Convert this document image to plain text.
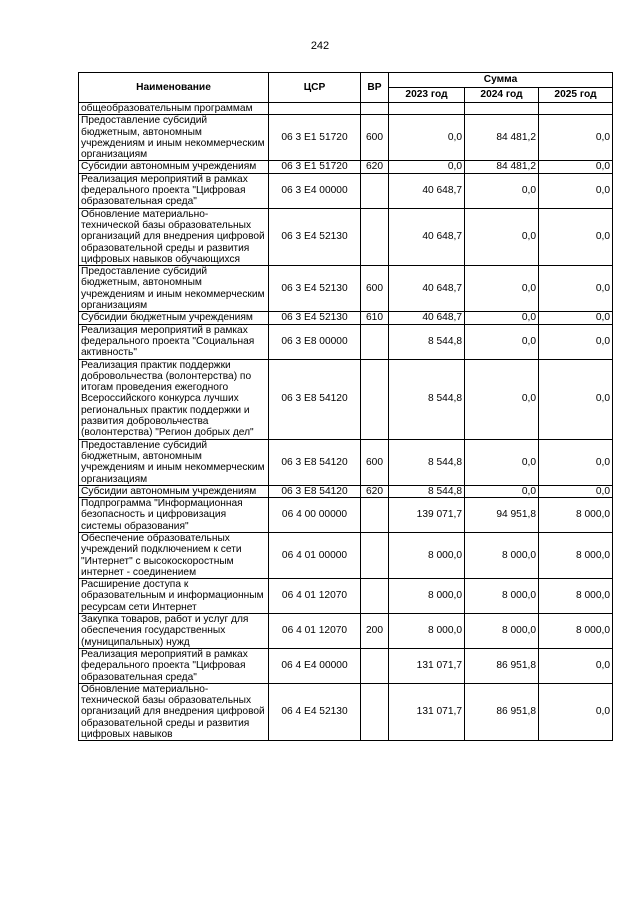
242
Наименование	ЦСР	ВР	Сумма		
			2023 год	2024 год	2025 год
общеобразовательным программам					
Предоставление субсидий бюджетным, автономным учреждениям и иным некоммерческим организациям	06 3 Е1 51720	600	0,0	84 481,2	0,0
Субсидии автономным учреждениям	06 3 Е1 51720	620	0,0	84 481,2	0,0
Реализация мероприятий в рамках федерального проекта "Цифровая образовательная среда"	06 3 Е4 00000		40 648,7	0,0	0,0
Обновление материально-технической базы образовательных организаций для внедрения цифровой образовательной среды и развития цифровых навыков обучающихся	06 3 Е4 52130		40 648,7	0,0	0,0
Предоставление субсидий бюджетным, автономным учреждениям и иным некоммерческим организациям	06 3 Е4 52130	600	40 648,7	0,0	0,0
Субсидии бюджетным учреждениям	06 3 Е4 52130	610	40 648,7	0,0	0,0
Реализация мероприятий в рамках федерального проекта "Социальная активность"	06 3 Е8 00000		8 544,8	0,0	0,0
Реализация практик поддержки добровольчества (волонтерства) по итогам проведения ежегодного Всероссийского конкурса лучших региональных практик поддержки и развития добровольчества (волонтерства) "Регион добрых дел"	06 3 Е8 54120		8 544,8	0,0	0,0
Предоставление субсидий бюджетным, автономным учреждениям и иным некоммерческим организациям	06 3 Е8 54120	600	8 544,8	0,0	0,0
Субсидии автономным учреждениям	06 3 Е8 54120	620	8 544,8	0,0	0,0
Подпрограмма "Информационная безопасность и цифровизация системы образования"	06 4 00 00000		139 071,7	94 951,8	8 000,0
Обеспечение образовательных учреждений подключением к сети "Интернет" с высокоскоростным интернет - соединением	06 4 01 00000		8 000,0	8 000,0	8 000,0
Расширение доступа к образовательным и информационным ресурсам сети Интернет	06 4 01 12070		8 000,0	8 000,0	8 000,0
Закупка товаров, работ и услуг для обеспечения государственных (муниципальных) нужд	06 4 01 12070	200	8 000,0	8 000,0	8 000,0
Реализация мероприятий в рамках федерального проекта "Цифровая образовательная среда"	06 4 Е4 00000		131 071,7	86 951,8	0,0
Обновление материально-технической базы образовательных организаций для внедрения цифровой образовательной среды и развития цифровых навыков	06 4 Е4 52130		131 071,7	86 951,8	0,0
